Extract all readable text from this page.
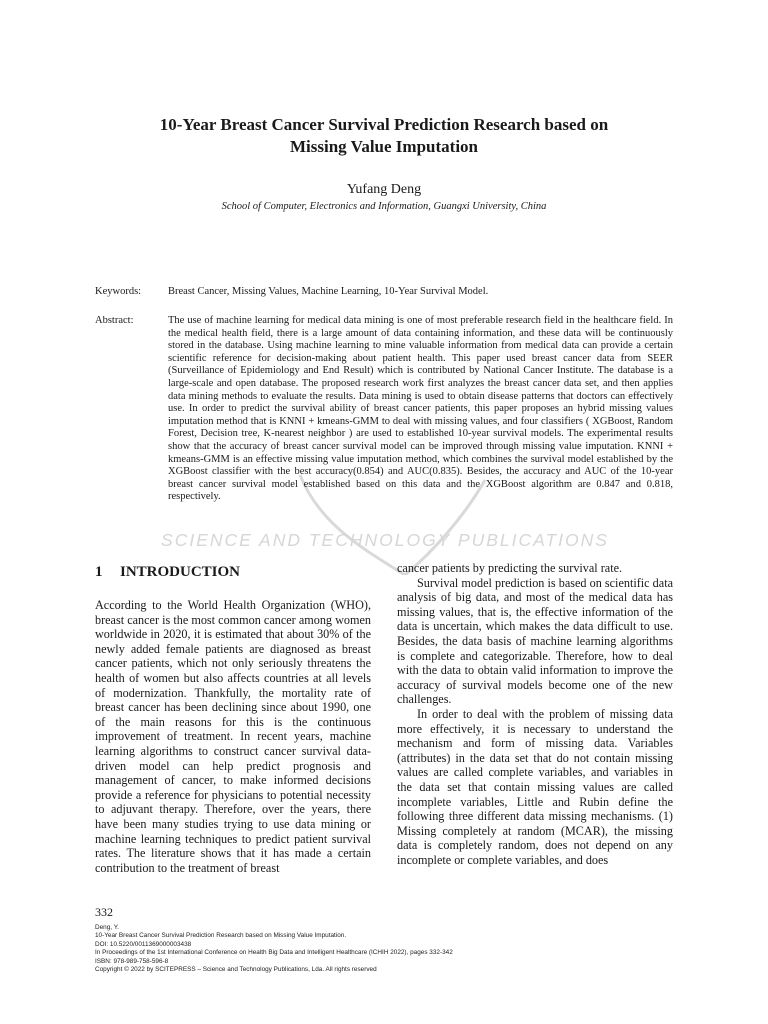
SCIENCE AND TECHNOLOGY PUBLICATIONS
10-Year Breast Cancer Survival Prediction Research based on
Missing Value Imputation
Yufang Deng
School of Computer, Electronics and Information, Guangxi University, China
Keywords:	Breast Cancer, Missing Values, Machine Learning, 10-Year Survival Model.
Abstract:	The use of machine learning for medical data mining is one of most preferable research field in the healthcare field. In the medical health field, there is a large amount of data containing information, and these data will be continuously stored in the database. Using machine learning to mine valuable information from medical data can provide a certain scientific reference for decision-making about patient health. This paper used breast cancer data from SEER (Surveillance of Epidemiology and End Result) which is contributed by National Cancer Institute. The database is a large-scale and open database. The proposed research work first analyzes the breast cancer data set, and then applies data mining methods to evaluate the results. Data mining is used to obtain disease patterns that doctors can effectively use. In order to predict the survival ability of breast cancer patients, this paper proposes an hybrid missing values imputation method that is KNNI + kmeans-GMM to deal with missing values, and four classifiers ( XGBoost, Random Forest, Decision tree, K-nearest neighbor ) are used to established 10-year survival models. The experimental results show that the accuracy of breast cancer survival model can be improved through missing value imputation. KNNI + kmeans-GMM is an effective missing value imputation method, which combines the survival model established by the XGBoost classifier with the best accuracy(0.854) and AUC(0.835). Besides, the accuracy and AUC of the 10-year breast cancer survival model established based on this data and the XGBoost algorithm are 0.847 and 0.818, respectively.
1 INTRODUCTION

According to the World Health Organization (WHO), breast cancer is the most common cancer among women worldwide in 2020, it is estimated that about 30% of the newly added female patients are diagnosed as breast cancer patients, which not only seriously threatens the health of women but also affects countries at all levels of modernization. Thankfully, the mortality rate of breast cancer has been declining since about 1990, one of the main reasons for this is the continuous improvement of treatment. In recent years, machine learning algorithms to construct cancer survival data-driven model can help predict prognosis and management of cancer, to make informed decisions provide a reference for physicians to potential necessity to adjuvant therapy. Therefore, over the years, there have been many studies trying to use data mining or machine learning techniques to predict patient survival rates. The literature shows that it has made a certain contribution to the treatment of breast

cancer patients by predicting the survival rate.

Survival model prediction is based on scientific data analysis of big data, and most of the medical data has missing values, that is, the effective information of the data is uncertain, which makes the data difficult to use. Besides, the data basis of machine learning algorithms is complete and categorizable. Therefore, how to deal with the data to obtain valid information to improve the accuracy of survival models become one of the new challenges.

In order to deal with the problem of missing data more effectively, it is necessary to understand the mechanism and form of missing data. Variables (attributes) in the data set that do not contain missing values are called complete variables, and variables in the data set that contain missing values are called incomplete variables, Little and Rubin define the following three different data missing mechanisms. (1) Missing completely at random (MCAR), the missing data is completely random, does not depend on any incomplete or complete variables, and does

332
Deng, Y.
10-Year Breast Cancer Survival Prediction Research based on Missing Value Imputation.
DOI: 10.5220/0011369000003438
In Proceedings of the 1st International Conference on Health Big Data and Intelligent Healthcare (ICHIH 2022), pages 332-342
ISBN: 978-989-758-596-8
Copyright © 2022 by SCITEPRESS – Science and Technology Publications, Lda. All rights reserved
